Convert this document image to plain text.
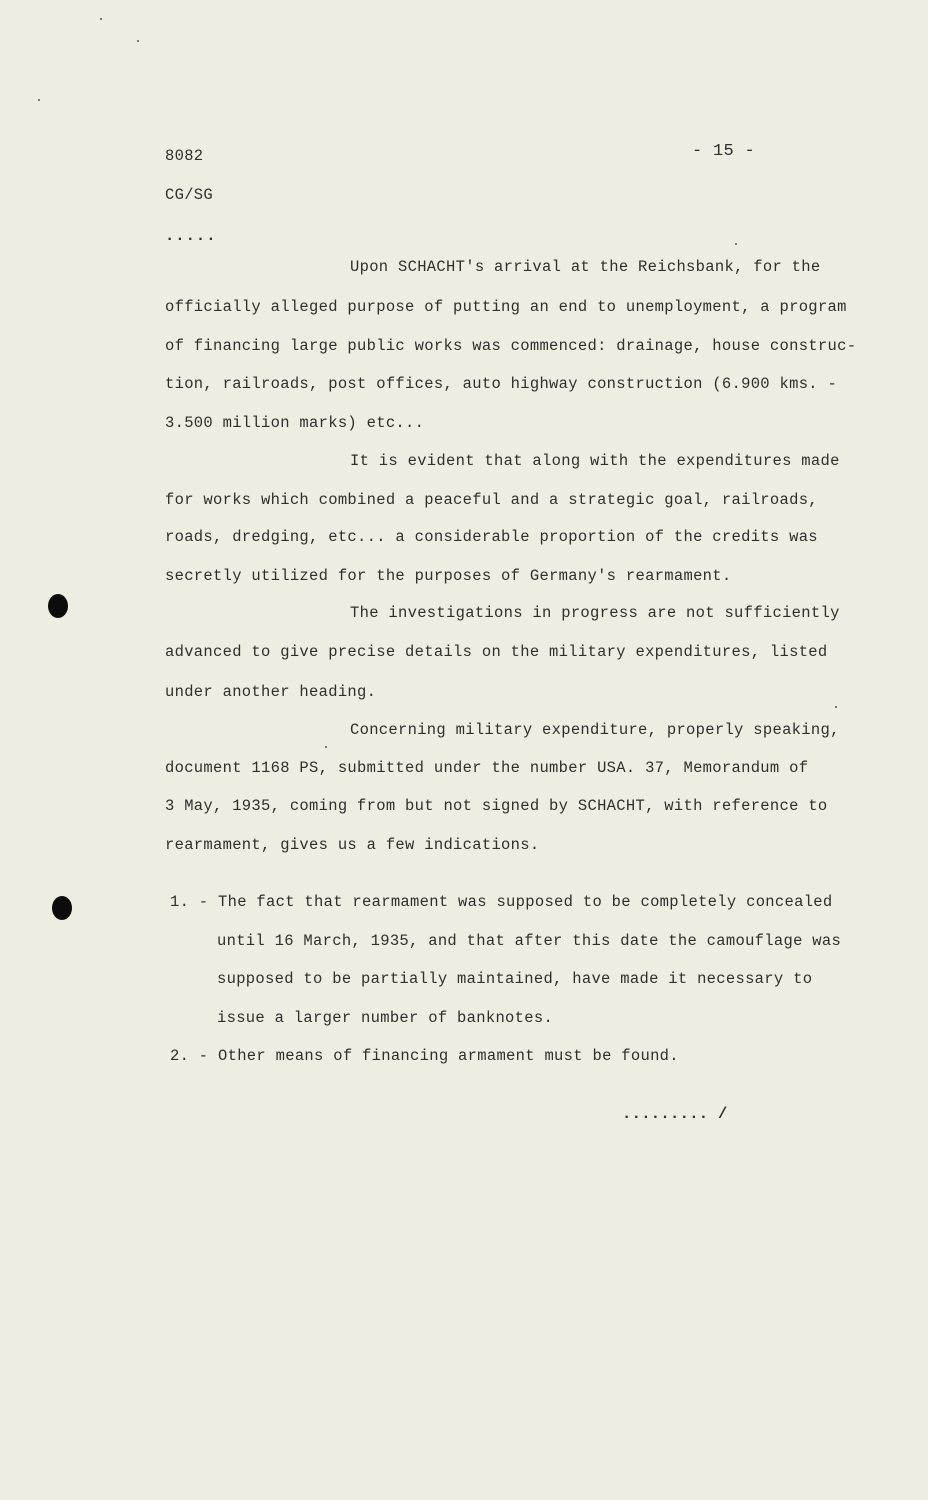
8082	- 15 -
CG/SG
.....
Upon SCHACHT's arrival at the Reichsbank, for the
officially alleged purpose of putting an end to unemployment, a program
of financing large public works was commenced: drainage, house construc-
tion, railroads, post offices, auto highway construction (6.900 kms. -
3.500 million marks) etc...
It is evident that along with the expenditures made
for works which combined a peaceful and a strategic goal, railroads,
roads, dredging, etc... a considerable proportion of the credits was
secretly utilized for the purposes of Germany's rearmament.
The investigations in progress are not sufficiently
advanced to give precise details on the military expenditures, listed
under another heading.
Concerning military expenditure, properly speaking,
document 1168 PS, submitted under the number USA. 37, Memorandum of
3 May, 1935, coming from but not signed by SCHACHT, with reference to
rearmament, gives us a few indications.
1. - The fact that rearmament was supposed to be completely concealed
until 16 March, 1935, and that after this date the camouflage was
supposed to be partially maintained, have made it necessary to
issue a larger number of banknotes.
2. - Other means of financing armament must be found.
......... /
